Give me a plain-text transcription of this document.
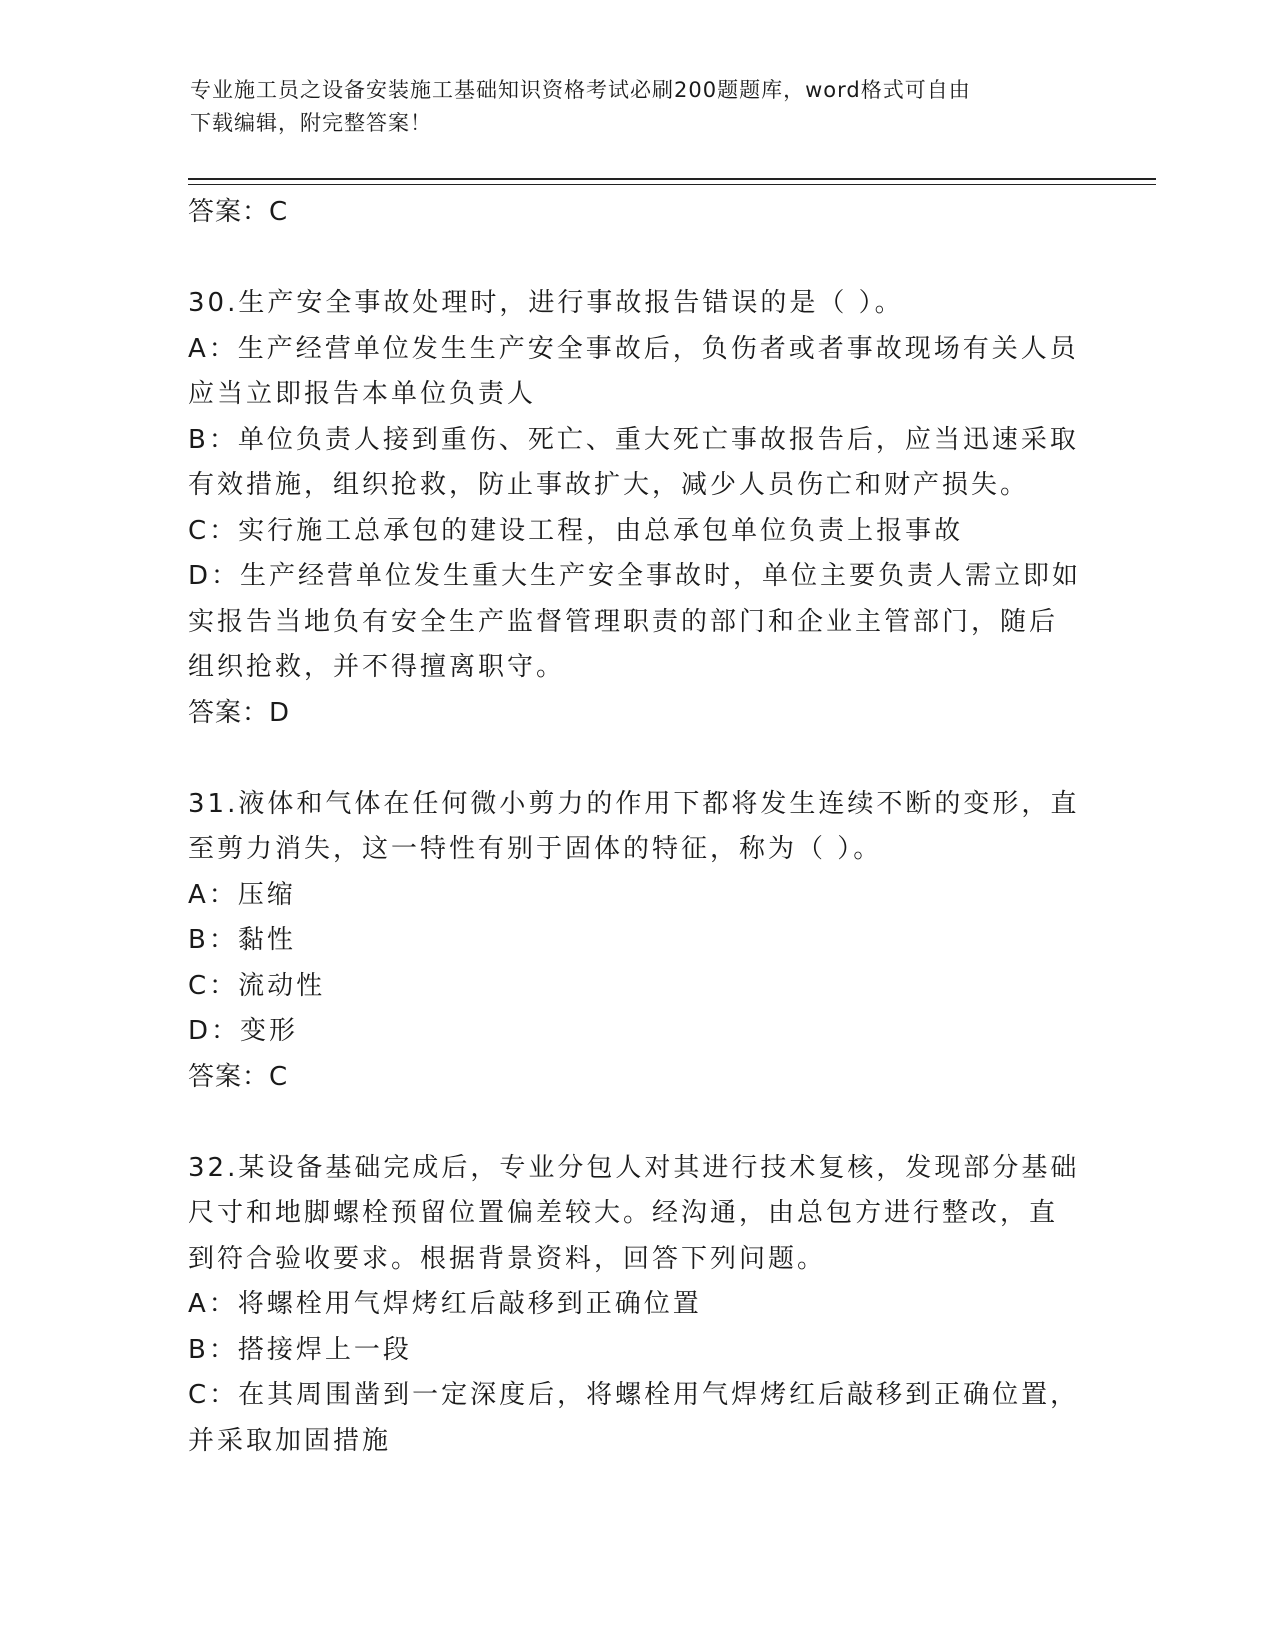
专业施工员之设备安装施工基础知识资格考试必刷200题题库，word格式可自由
下载编辑，附完整答案！
答案：C
30.生产安全事故处理时，进行事故报告错误的是（ ）。
A：生产经营单位发生生产安全事故后，负伤者或者事故现场有关人员
应当立即报告本单位负责人
B：单位负责人接到重伤、死亡、重大死亡事故报告后，应当迅速采取
有效措施，组织抢救，防止事故扩大，减少人员伤亡和财产损失。
C：实行施工总承包的建设工程，由总承包单位负责上报事故
D：生产经营单位发生重大生产安全事故时，单位主要负责人需立即如
实报告当地负有安全生产监督管理职责的部门和企业主管部门，随后
组织抢救，并不得擅离职守。
答案：D
31.液体和气体在任何微小剪力的作用下都将发生连续不断的变形，直
至剪力消失，这一特性有别于固体的特征，称为（ ）。
A：压缩
B：黏性
C：流动性
D：变形
答案：C
32.某设备基础完成后，专业分包人对其进行技术复核，发现部分基础
尺寸和地脚螺栓预留位置偏差较大。经沟通，由总包方进行整改，直
到符合验收要求。根据背景资料，回答下列问题。
A：将螺栓用气焊烤红后敲移到正确位置
B：搭接焊上一段
C：在其周围凿到一定深度后，将螺栓用气焊烤红后敲移到正确位置，
并采取加固措施
